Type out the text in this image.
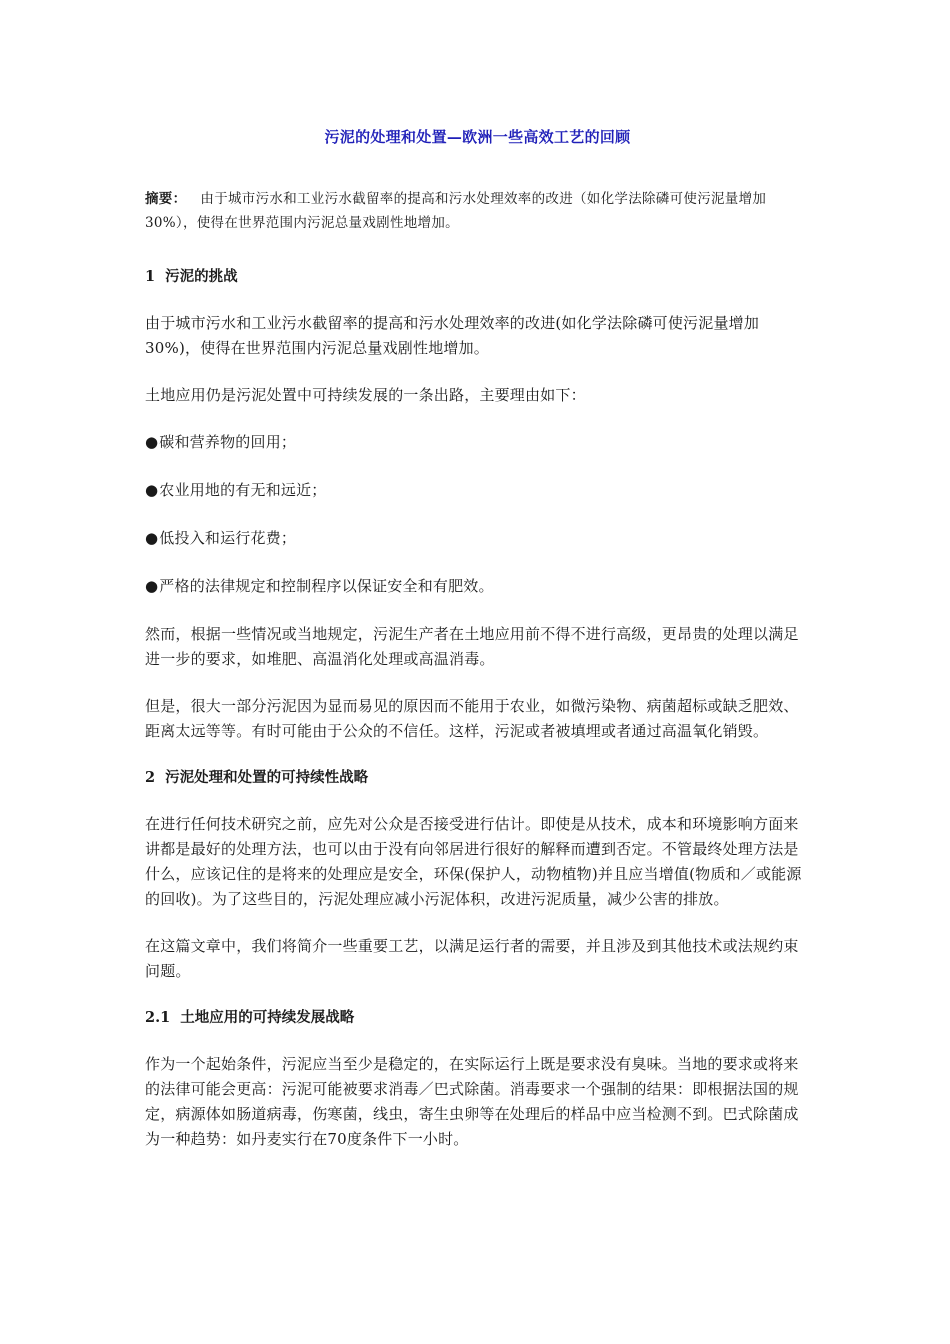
污泥的处理和处置—欧洲一些高效工艺的回顾
摘要： 由于城市污水和工业污水截留率的提高和污水处理效率的改进（如化学法除磷可使污泥量增加30%），使得在世界范围内污泥总量戏剧性地增加。
1 污泥的挑战

由于城市污水和工业污水截留率的提高和污水处理效率的改进(如化学法除磷可使污泥量增加30%)，使得在世界范围内污泥总量戏剧性地增加。

土地应用仍是污泥处置中可持续发展的一条出路，主要理由如下：

●碳和营养物的回用；

●农业用地的有无和远近；

●低投入和运行花费；

●严格的法律规定和控制程序以保证安全和有肥效。

然而，根据一些情况或当地规定，污泥生产者在土地应用前不得不进行高级，更昂贵的处理以满足进一步的要求，如堆肥、高温消化处理或高温消毒。

但是，很大一部分污泥因为显而易见的原因而不能用于农业，如微污染物、病菌超标或缺乏肥效、距离太远等等。有时可能由于公众的不信任。这样，污泥或者被填埋或者通过高温氧化销毁。

2 污泥处理和处置的可持续性战略

在进行任何技术研究之前，应先对公众是否接受进行估计。即使是从技术，成本和环境影响方面来讲都是最好的处理方法，也可以由于没有向邻居进行很好的解释而遭到否定。不管最终处理方法是什么，应该记住的是将来的处理应是安全，环保(保护人，动物植物)并且应当增值(物质和／或能源的回收)。为了这些目的，污泥处理应减小污泥体积，改进污泥质量，减少公害的排放。

在这篇文章中，我们将简介一些重要工艺，以满足运行者的需要，并且涉及到其他技术或法规约束问题。

2.1 土地应用的可持续发展战略

作为一个起始条件，污泥应当至少是稳定的，在实际运行上既是要求没有臭味。当地的要求或将来的法律可能会更高：污泥可能被要求消毒／巴式除菌。消毒要求一个强制的结果：即根据法国的规定，病源体如肠道病毒，伤寒菌，线虫，寄生虫卵等在处理后的样品中应当检测不到。巴式除菌成为一种趋势：如丹麦实行在70度条件下一小时。
